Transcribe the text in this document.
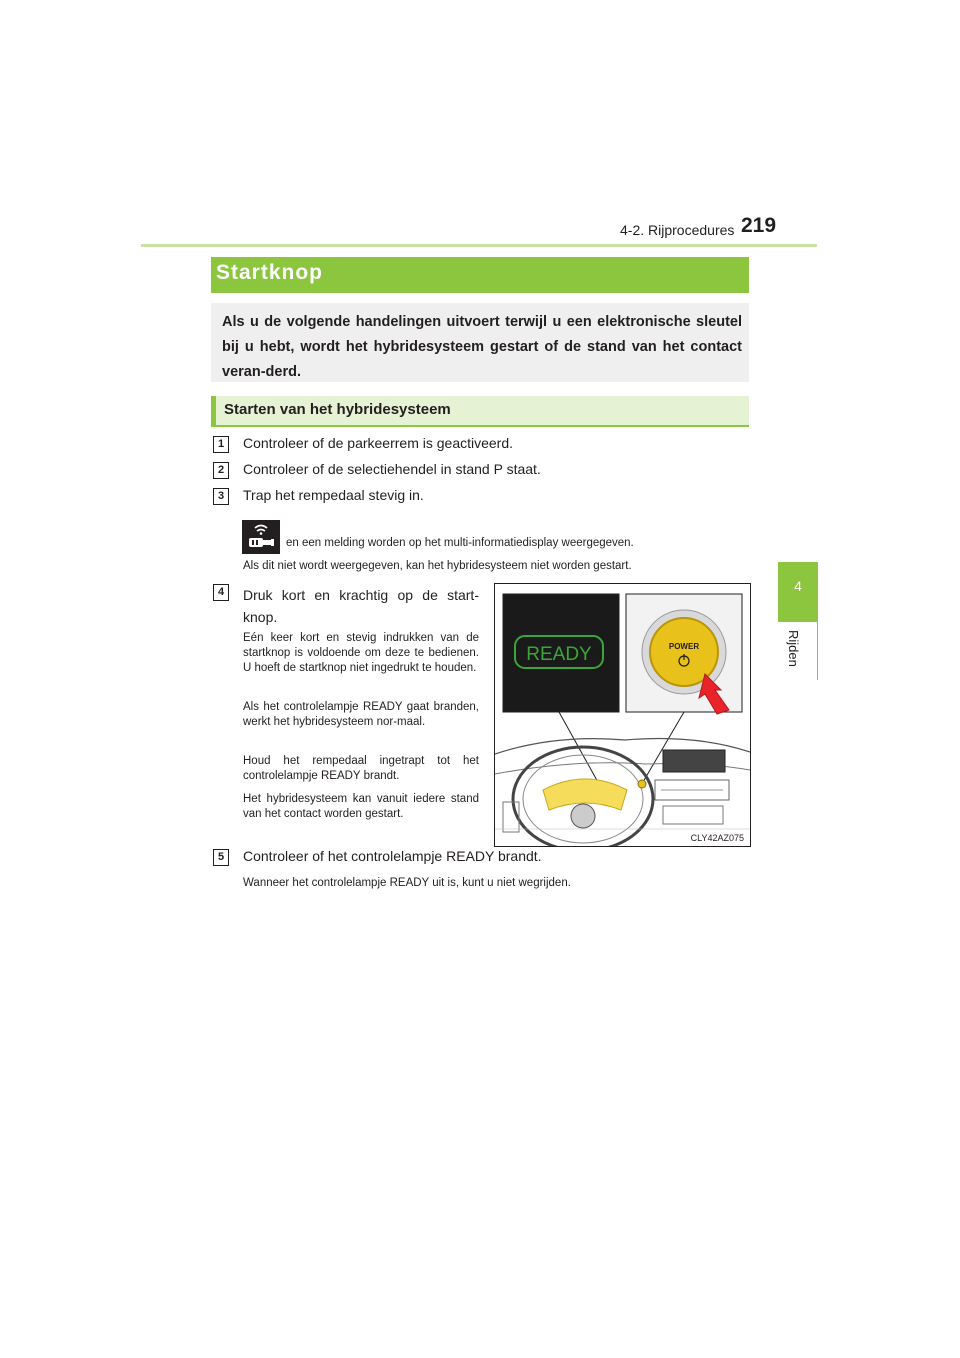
4-2. Rijprocedures 219
4
Rijden
Startknop
Als u de volgende handelingen uitvoert terwijl u een elektronische sleutel bij u hebt, wordt het hybridesysteem gestart of de stand van het contact veran-derd.
Starten van het hybridesysteem
1	Controleer of de parkeerrem is geactiveerd.
2	Controleer of de selectiehendel in stand P staat.
3	Trap het rempedaal stevig in.
en een melding worden op het multi-informatiedisplay weergegeven.
Als dit niet wordt weergegeven, kan het hybridesysteem niet worden gestart.
4	Druk kort en krachtig op de start-knop.
Eén keer kort en stevig indrukken van de startknop is voldoende om deze te bedienen. U hoeft de startknop niet ingedrukt te houden.
Als het controlelampje READY gaat branden, werkt het hybridesysteem nor-maal.
Houd het rempedaal ingetrapt tot het controlelampje READY brandt.
Het hybridesysteem kan vanuit iedere stand van het contact worden gestart.
READY	POWER
CLY42AZ075
5	Controleer of het controlelampje READY brandt.
Wanneer het controlelampje READY uit is, kunt u niet wegrijden.
